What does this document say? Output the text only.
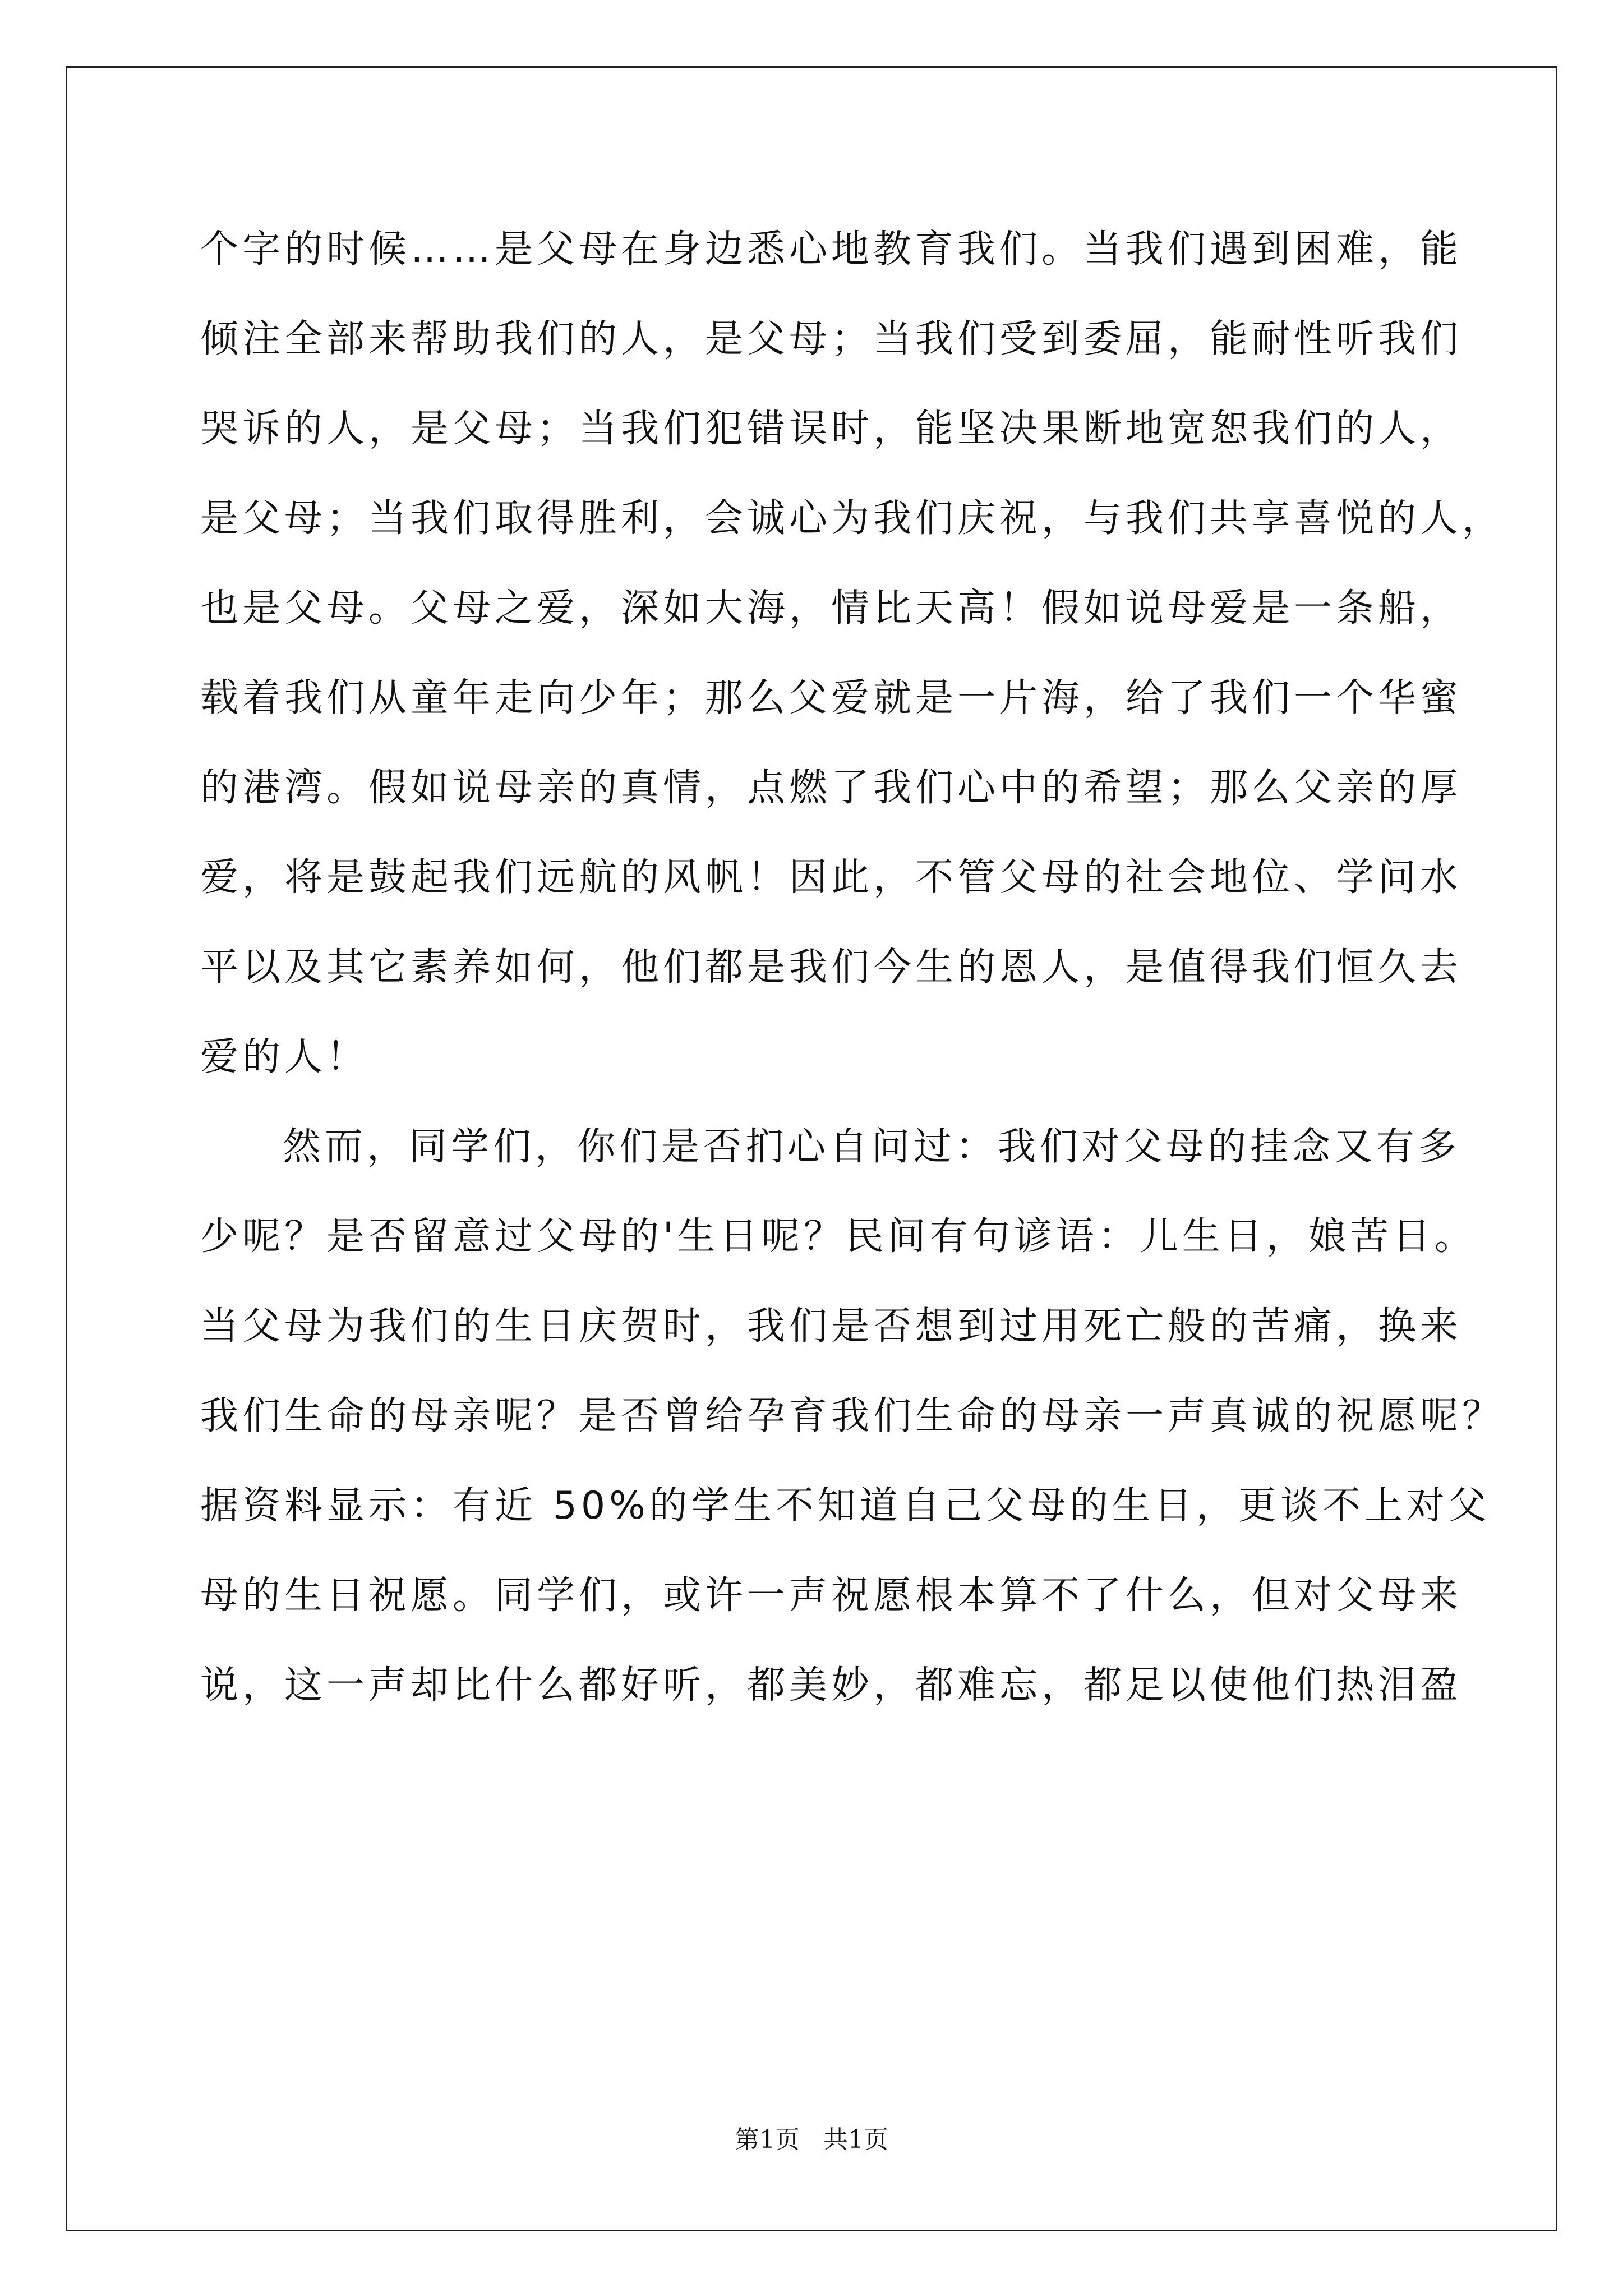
个字的时候……是父母在身边悉心地教育我们。当我们遇到困难，能
倾注全部来帮助我们的人，是父母；当我们受到委屈，能耐性听我们
哭诉的人，是父母；当我们犯错误时，能坚决果断地宽恕我们的人，
是父母；当我们取得胜利，会诚心为我们庆祝，与我们共享喜悦的人，
也是父母。父母之爱，深如大海，情比天高！假如说母爱是一条船，
载着我们从童年走向少年；那么父爱就是一片海，给了我们一个华蜜
的港湾。假如说母亲的真情，点燃了我们心中的希望；那么父亲的厚
爱，将是鼓起我们远航的风帆！因此，不管父母的社会地位、学问水
平以及其它素养如何，他们都是我们今生的恩人，是值得我们恒久去
爱的人！
然而，同学们，你们是否扪心自问过：我们对父母的挂念又有多
少呢？是否留意过父母的'生日呢？民间有句谚语：儿生日，娘苦日。
当父母为我们的生日庆贺时，我们是否想到过用死亡般的苦痛，换来
我们生命的母亲呢？是否曾给孕育我们生命的母亲一声真诚的祝愿呢？
据资料显示：有近 50%的学生不知道自己父母的生日，更谈不上对父
母的生日祝愿。同学们，或许一声祝愿根本算不了什么，但对父母来
说，这一声却比什么都好听，都美妙，都难忘，都足以使他们热泪盈
第1页 共1页
